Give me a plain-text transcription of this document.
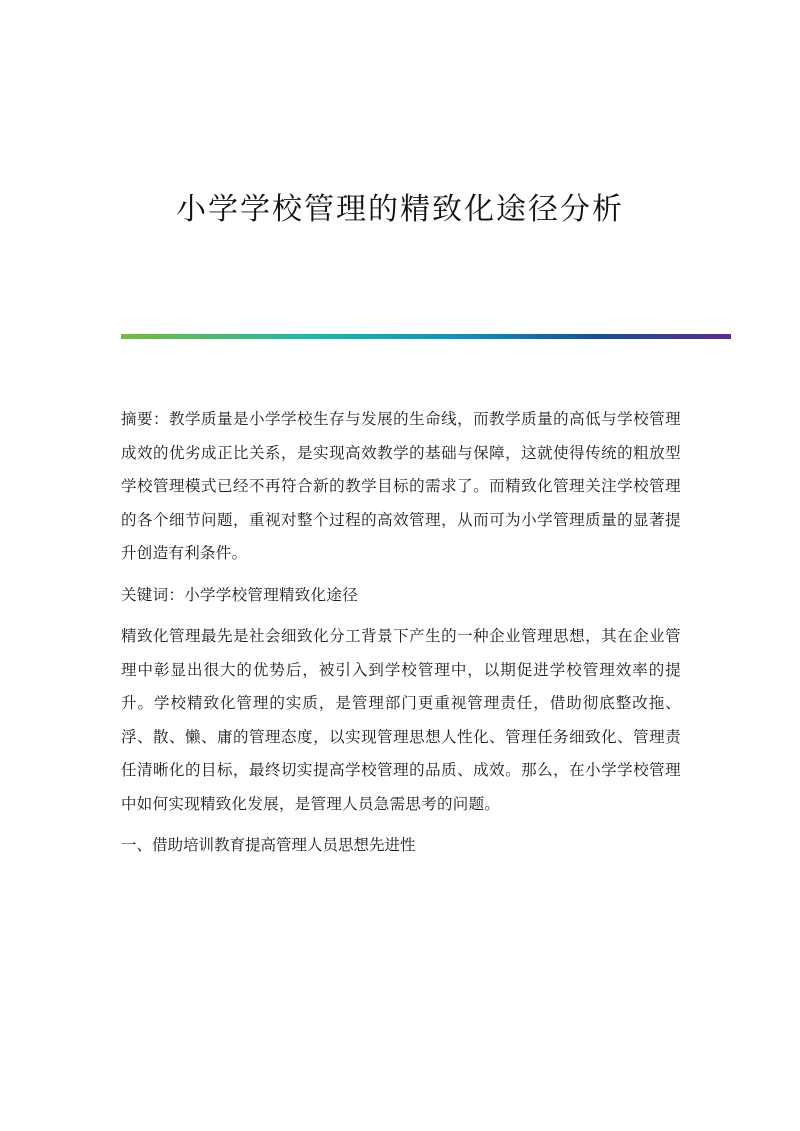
小学学校管理的精致化途径分析

摘要：教学质量是小学学校生存与发展的生命线，而教学质量的高低与学校管理成效的优劣成正比关系，是实现高效教学的基础与保障，这就使得传统的粗放型学校管理模式已经不再符合新的教学目标的需求了。而精致化管理关注学校管理的各个细节问题，重视对整个过程的高效管理，从而可为小学管理质量的显著提升创造有利条件。

关键词：小学学校管理精致化途径

精致化管理最先是社会细致化分工背景下产生的一种企业管理思想，其在企业管理中彰显出很大的优势后，被引入到学校管理中，以期促进学校管理效率的提升。学校精致化管理的实质，是管理部门更重视管理责任，借助彻底整改拖、浮、散、懒、庸的管理态度，以实现管理思想人性化、管理任务细致化、管理责任清晰化的目标，最终切实提高学校管理的品质、成效。那么，在小学学校管理中如何实现精致化发展，是管理人员急需思考的问题。

一、借助培训教育提高管理人员思想先进性
